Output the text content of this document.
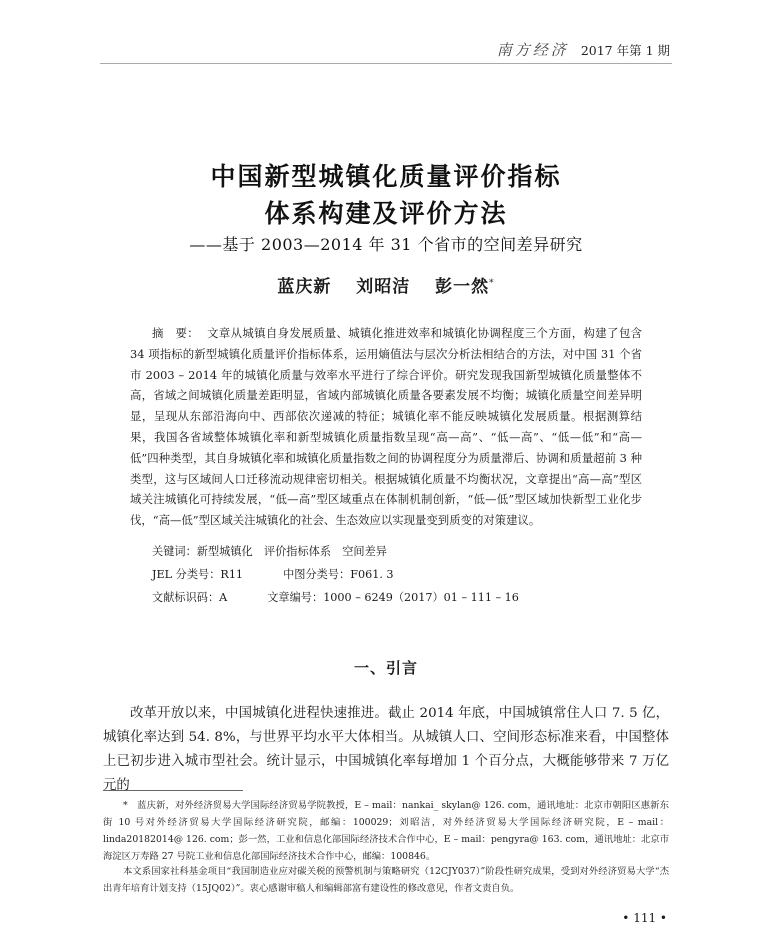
南方经济 2017 年第 1 期
中国新型城镇化质量评价指标
体系构建及评价方法
——基于 2003—2014 年 31 个省市的空间差异研究
蓝庆新 刘昭洁 彭一然*
摘　要： 文章从城镇自身发展质量、城镇化推进效率和城镇化协调程度三个方面，构建了包含 34 项指标的新型城镇化质量评价指标体系，运用熵值法与层次分析法相结合的方法，对中国 31 个省市 2003 – 2014 年的城镇化质量与效率水平进行了综合评价。研究发现我国新型城镇化质量整体不高，省域之间城镇化质量差距明显，省域内部城镇化质量各要素发展不均衡；城镇化质量空间差异明显，呈现从东部沿海向中、西部依次递减的特征；城镇化率不能反映城镇化发展质量。根据测算结果，我国各省域整体城镇化率和新型城镇化质量指数呈现“高—高”、“低—高”、“低—低”和“高—低”四种类型，其自身城镇化率和城镇化质量指数之间的协调程度分为质量滞后、协调和质量超前 3 种类型，这与区域间人口迁移流动规律密切相关。根据城镇化质量不均衡状况，文章提出“高—高”型区域关注城镇化可持续发展，“低—高”型区域重点在体制机制创新，“低—低”型区域加快新型工业化步伐，“高—低”型区域关注城镇化的社会、生态效应以实现量变到质变的对策建议。
关键词：新型城镇化　评价指标体系　空间差异
JEL 分类号：R11	中图分类号：F061. 3
文献标识码：A	文章编号：1000 – 6249（2017）01 – 111 – 16
一、引言
改革开放以来，中国城镇化进程快速推进。截止 2014 年底，中国城镇常住人口 7. 5 亿，城镇化率达到 54. 8%，与世界平均水平大体相当。从城镇人口、空间形态标准来看，中国整体上已初步进入城市型社会。统计显示，中国城镇化率每增加 1 个百分点，大概能够带来 7 万亿元的
*　蓝庆新，对外经济贸易大学国际经济贸易学院教授，E – mail：nankai_ skylan@ 126. com，通讯地址：北京市朝阳区惠新东街 10 号对外经济贸易大学国际经济研究院，邮编：100029；刘昭洁，对外经济贸易大学国际经济研究院，E – mail：linda20182014@ 126. com；彭一然，工业和信息化部国际经济技术合作中心，E – mail：pengyra@ 163. com，通讯地址：北京市海淀区万寿路 27 号院工业和信息化部国际经济技术合作中心，邮编：100846。
本文系国家社科基金项目“我国制造业应对碳关税的预警机制与策略研究（12CJY037）”阶段性研究成果，受到对外经济贸易大学“杰出青年培育计划支持（15JQ02）”。衷心感谢审稿人和编辑部富有建设性的修改意见，作者文责自负。
• 111 •
